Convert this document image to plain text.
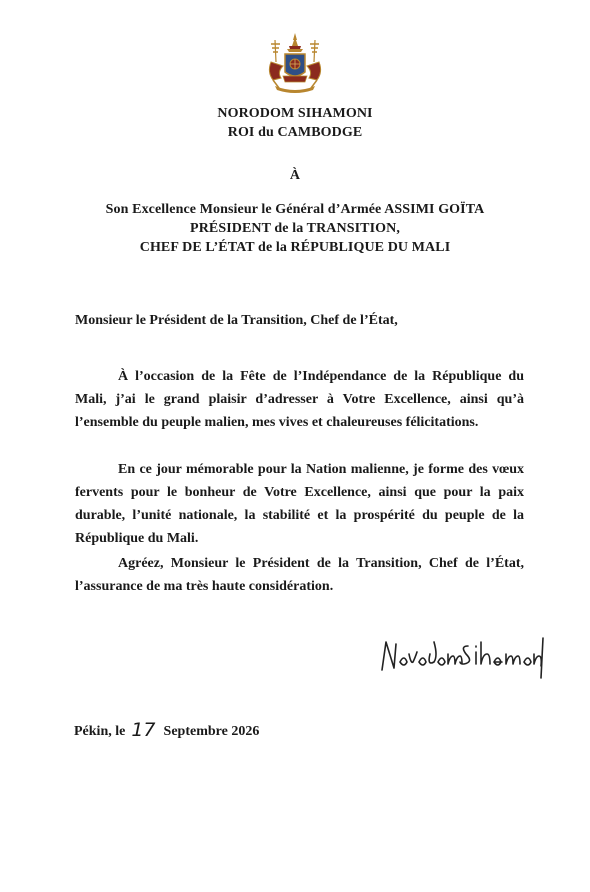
NORODOM SIHAMONI
ROI du CAMBODGE
À
Son Excellence Monsieur le Général d’Armée ASSIMI GOÏTA
PRÉSIDENT de la TRANSITION,
CHEF DE L’ÉTAT de la RÉPUBLIQUE DU MALI
Monsieur le Président de la Transition, Chef de l’État,

À l’occasion de la Fête de l’Indépendance de la République du Mali, j’ai le grand plaisir d’adresser à Votre Excellence, ainsi qu’à l’ensemble du peuple malien, mes vives et chaleureuses félicitations.

En ce jour mémorable pour la Nation malienne, je forme des vœux fervents pour le bonheur de Votre Excellence, ainsi que pour la paix durable, l’unité nationale, la stabilité et la prospérité du peuple de la République du Mali.

Agréez, Monsieur le Président de la Transition, Chef de l’État, l’assurance de ma très haute considération.

Pékin, le 17 Septembre 2026
